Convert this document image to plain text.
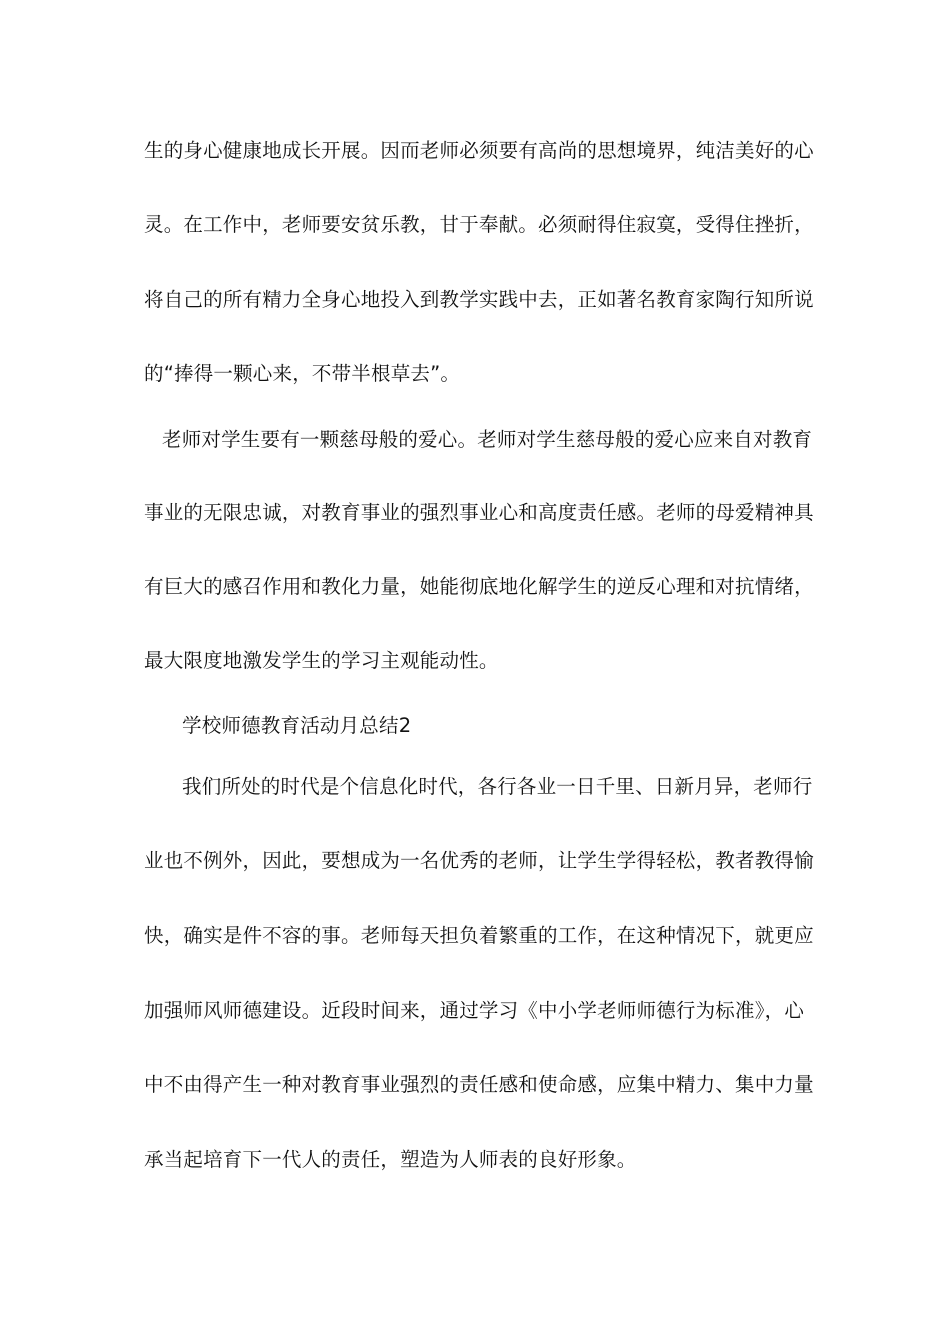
生的身心健康地成长开展。因而老师必须要有高尚的思想境界，纯洁美好的心
灵。在工作中，老师要安贫乐教，甘于奉献。必须耐得住寂寞，受得住挫折，
将自己的所有精力全身心地投入到教学实践中去，正如著名教育家陶行知所说
的“捧得一颗心来，不带半根草去”。
老师对学生要有一颗慈母般的爱心。老师对学生慈母般的爱心应来自对教育
事业的无限忠诚，对教育事业的强烈事业心和高度责任感。老师的母爱精神具
有巨大的感召作用和教化力量，她能彻底地化解学生的逆反心理和对抗情绪，
最大限度地激发学生的学习主观能动性。
学校师德教育活动月总结2
我们所处的时代是个信息化时代，各行各业一日千里、日新月异，老师行
业也不例外，因此，要想成为一名优秀的老师，让学生学得轻松，教者教得愉
快，确实是件不容的事。老师每天担负着繁重的工作，在这种情况下，就更应
加强师风师德建设。近段时间来，通过学习《中小学老师师德行为标准》，心
中不由得产生一种对教育事业强烈的责任感和使命感，应集中精力、集中力量
承当起培育下一代人的责任，塑造为人师表的良好形象。
